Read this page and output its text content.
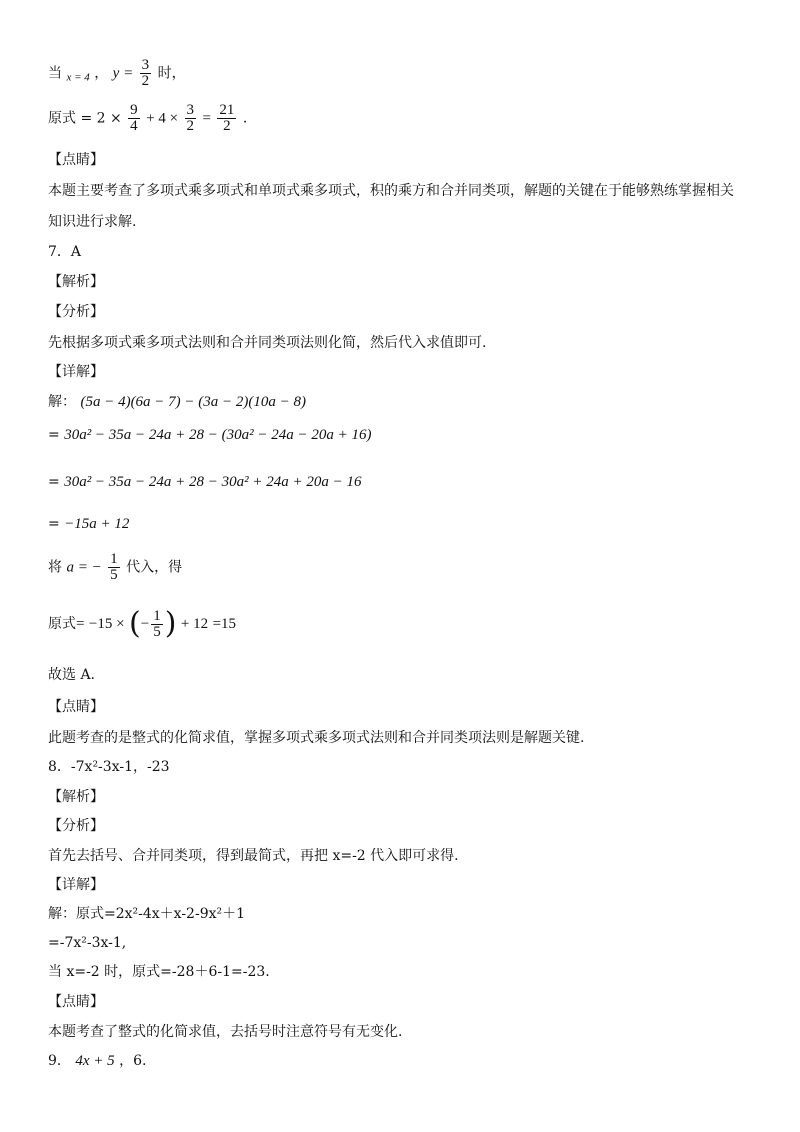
当 $_{x = 4}$ ， $y = \frac{3}{2}$ 时，
原式 = $2 \times \frac{9}{4} + 4 \times \frac{3}{2} = \frac{21}{2}$ .
【点睛】
本题主要考查了多项式乘多项式和单项式乘多项式，积的乘方和合并同类项，解题的关键在于能够熟练掌握相关
知识进行求解.
7．A
【解析】
【分析】
先根据多项式乘多项式法则和合并同类项法则化简，然后代入求值即可.
【详解】
解： (5a − 4)(6a − 7) − (3a − 2)(10a − 8)
= 30a² − 35a − 24a + 28 − (30a² − 24a − 20a + 16)
= 30a² − 35a − 24a + 28 − 30a² + 24a + 20a − 16
= −15a + 12
将 a = − $\frac{1}{5}$ 代入，得
原式= −15 × (− $\frac{1}{5}$ ) + 12 =15
故选 A.
【点睛】
此题考查的是整式的化简求值，掌握多项式乘多项式法则和合并同类项法则是解题关键.
8．-7x²-3x-1，-23
【解析】
【分析】
首先去括号、合并同类项，得到最简式，再把 x=-2 代入即可求得.
【详解】
解：原式=2x²-4x＋x-2-9x²＋1
=-7x²-3x-1,
当 x=-2 时，原式=-28＋6-1=-23.
【点睛】
本题考查了整式的化简求值，去括号时注意符号有无变化.
9． 4x + 5 ，6.
